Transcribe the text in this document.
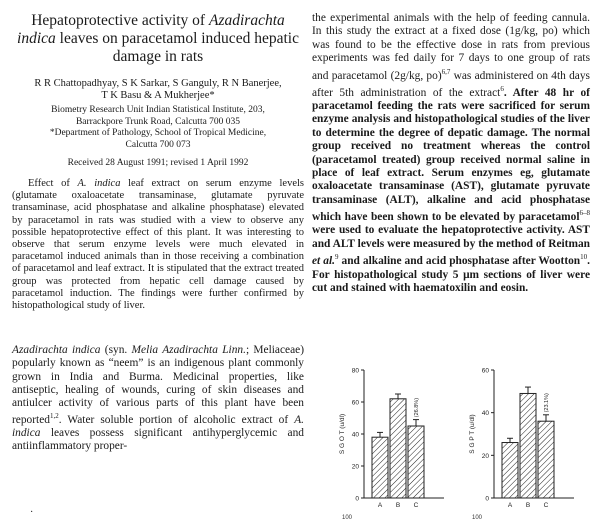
Hepatoprotective activity of Azadirachta
indica leaves on paracetamol induced hepatic damage in rats
R R Chattopadhyay, S K Sarkar, S Ganguly, R N Banerjee,
T K Basu & A Mukherjee*
Biometry Research Unit Indian Statistical Institute, 203,
Barrackpore Trunk Road, Calcutta 700 035
*Department of Pathology, School of Tropical Medicine,
Calcutta 700 073
Received 28 August 1991; revised 1 April 1992

Effect of A. indica leaf extract on serum enzyme levels (glutamate oxaloacetate transaminase, glutamate pyruvate transaminase, acid phosphatase and alkaline phosphatase) elevated by paracetamol in rats was studied with a view to observe any possible hepatoprotective effect of this plant. It was interesting to observe that serum enzyme levels were much elevated in paracetamol induced animals than in those receiving a combination of paracetamol and leaf extract. It is stipulated that the extract treated group was protected from hepatic cell damage caused by paracetamol induction. The findings were further confirmed by histopathological study of liver.

Azadirachta indica (syn. Melia Azadirachta Linn.; Meliaceae) popularly known as “neem” is an indigenous plant commonly grown in India and Burma. Medicinal properties, like antiseptic, healing of wounds, curing of skin diseases and antiulcer activity of various parts of this plant have been reported$^{1,2}$. Water soluble portion of alcoholic extract of A. indica leaves possess significant antihyperglycemic and antiinflammatory proper-

the experimental animals with the help of feeding cannula. In this study the extract at a fixed dose (1g/kg, po) which was found to be the effective dose in rats from previous experiments was fed daily for 7 days to one group of rats and paracetamol (2g/kg, po)$^{6,7}$ was administered on 4th days after 5th administration of the extract$^6$. After 48 hr of paracetamol feeding the rats were sacrificed for serum enzyme analysis and histopathological studies of the liver to determine the degree of depatic damage. The normal group received no treatment whereas the control (paracetamol treated) group received normal saline in place of leaf extract. Serum enzymes eg, glutamate oxaloacetate transaminase (AST), glutamate pyruvate transaminase (ALT), alkaline and acid phosphatase which have been shown to be elevated by paracetamol$^{6-8}$ were used to evaluate the hepatoprotective activity. AST and ALT levels were measured by the method of Reitman et al.$^9$ and alkaline and acid phosphatase after Wootton$^{10}$. For histopathological study 5 μm sections of liver were cut and stained with haematoxilin and eosin.

0
20
40
60
80
S G O T (u/dl)
A B C
(26.8%)
100
0
20
40
60
S G P T (u/dl)
A B C
(23.1%)
100
·
